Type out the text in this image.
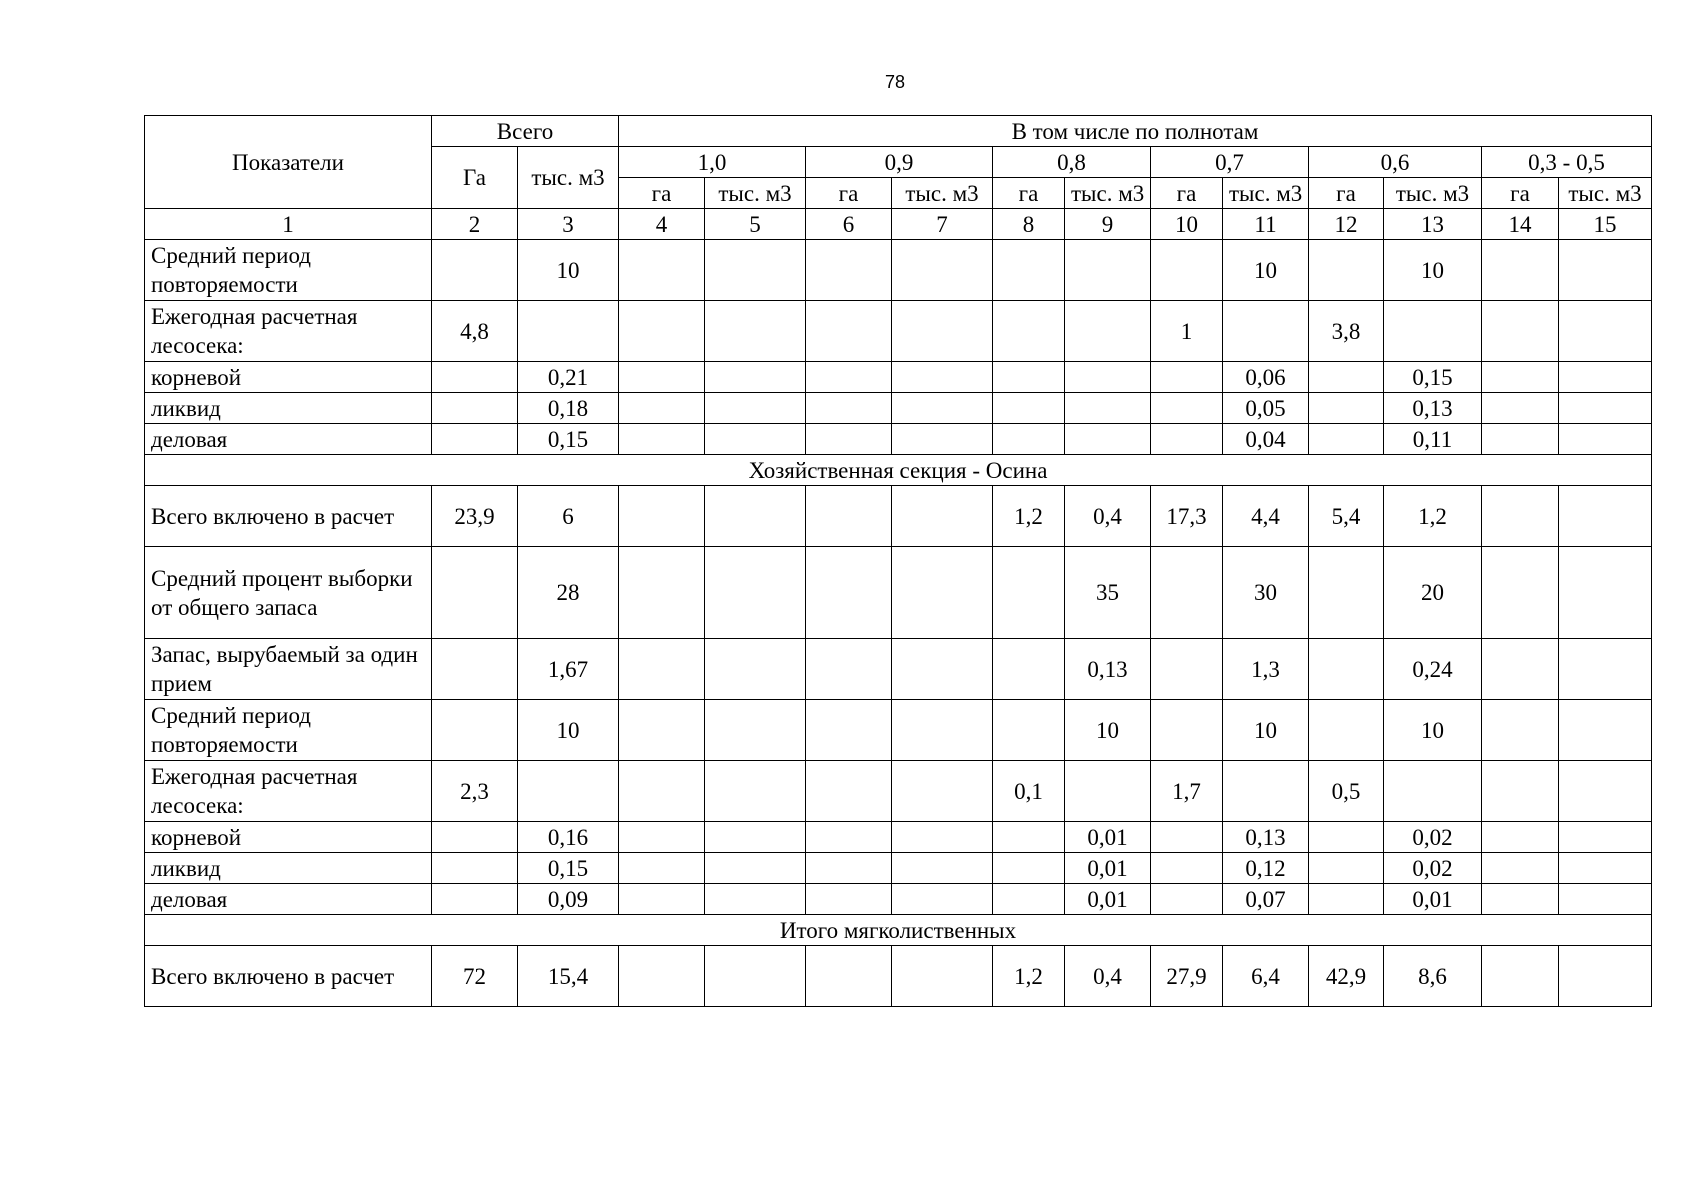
78
Показатели	Всего		В том числе по полнотам											
	Га	тыс. м3	1,0		0,9		0,8		0,7		0,6		0,3 - 0,5	
			га	тыс. м3	га	тыс. м3	га	тыс. м3	га	тыс. м3	га	тыс. м3	га	тыс. м3
1	2	3	4	5	6	7	8	9	10	11	12	13	14	15
Средний период повторяемости		10								10		10		
Ежегодная расчетная лесосека:	4,8								1		3,8			
корневой		0,21								0,06		0,15		
ликвид		0,18								0,05		0,13		
деловая		0,15								0,04		0,11		
Хозяйственная секция - Осина														
Всего включено в расчет	23,9	6					1,2	0,4	17,3	4,4	5,4	1,2		
Средний процент выборки от общего запаса		28						35		30		20		
Запас, вырубаемый за один прием		1,67						0,13		1,3		0,24		
Средний период повторяемости		10						10		10		10		
Ежегодная расчетная лесосека:	2,3						0,1		1,7		0,5			
корневой		0,16						0,01		0,13		0,02		
ликвид		0,15						0,01		0,12		0,02		
деловая		0,09						0,01		0,07		0,01		
Итого мягколиственных														
Всего включено в расчет	72	15,4					1,2	0,4	27,9	6,4	42,9	8,6		
